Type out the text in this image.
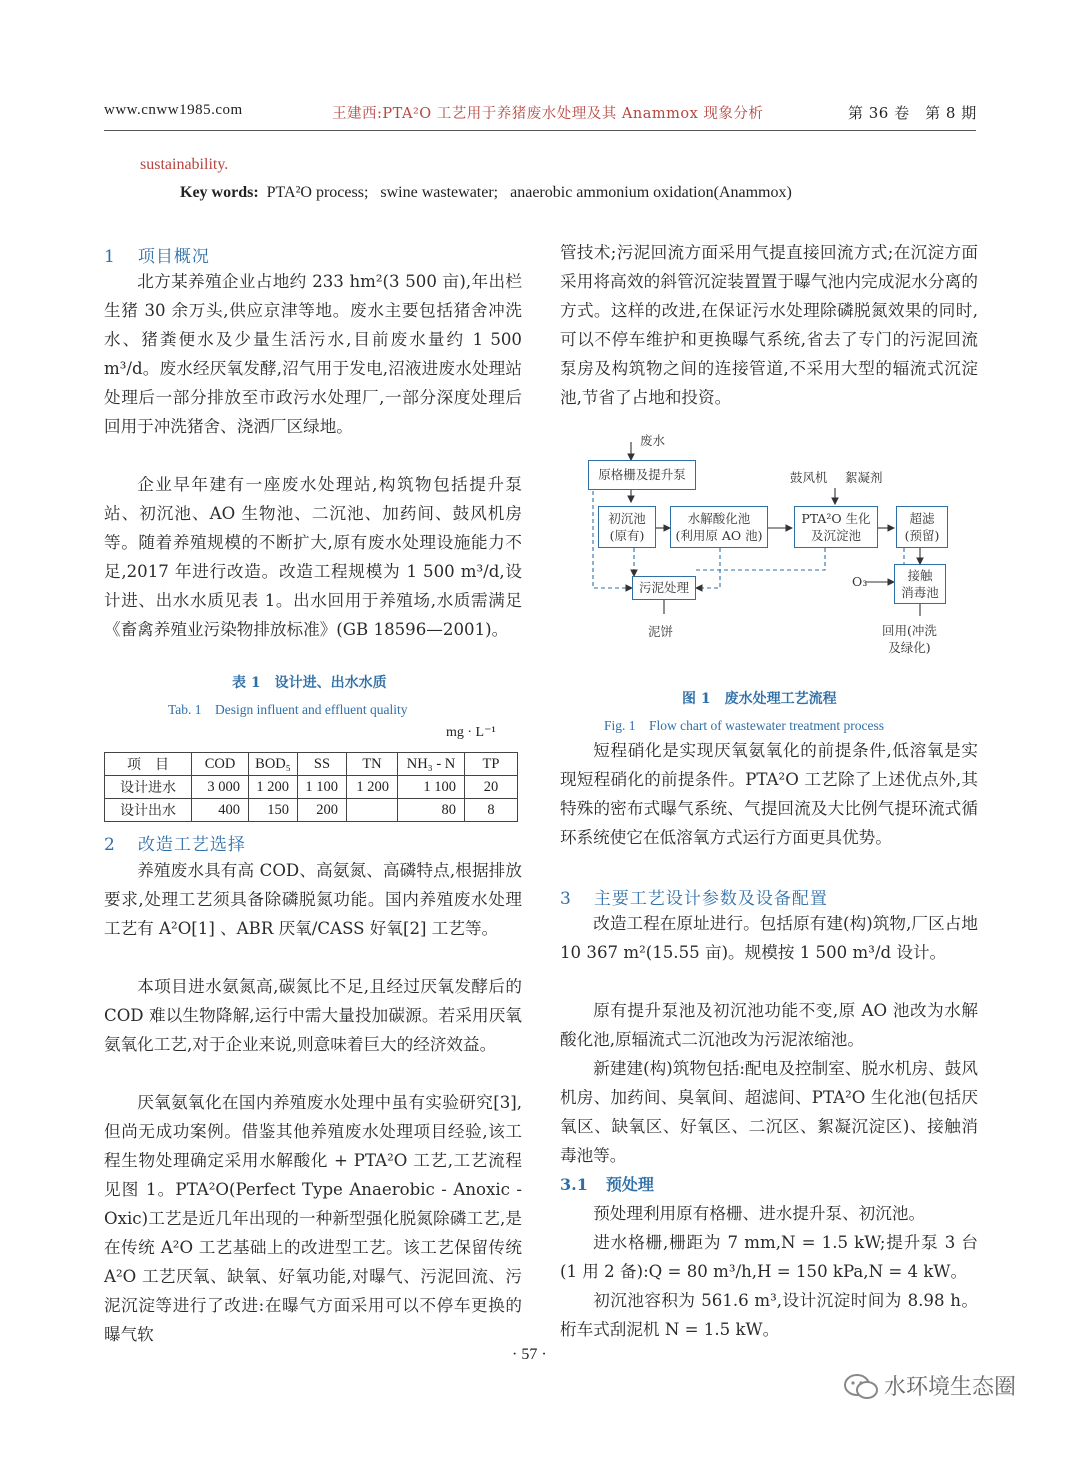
www.cnww1985.com	王建西:PTA²O 工艺用于养猪废水处理及其 Anammox 现象分析	第 36 卷　第 8 期
sustainability.
Key words:  PTA²O process;   swine wastewater;   anaerobic ammonium oxidation(Anammox)
1 项目概况
北方某养殖企业占地约 233 hm²(3 500 亩),年出栏生猪 30 余万头,供应京津等地。废水主要包括猪舍冲洗水、猪粪便水及少量生活污水,目前废水量约 1 500 m³/d。废水经厌氧发酵,沼气用于发电,沼液进废水处理站处理后一部分排放至市政污水处理厂,一部分深度处理后回用于冲洗猪舍、浇洒厂区绿地。
企业早年建有一座废水处理站,构筑物包括提升泵站、初沉池、AO 生物池、二沉池、加药间、鼓风机房等。随着养殖规模的不断扩大,原有废水处理设施能力不足,2017 年进行改造。改造工程规模为 1 500 m³/d,设计进、出水水质见表 1。出水回用于养殖场,水质需满足《畜禽养殖业污染物排放标准》(GB 18596—2001)。
表 1　设计进、出水水质
Tab. 1　Design influent and effluent quality
mg · L⁻¹
项　目	COD	BOD₅	SS	TN	NH₃ - N	TP
设计进水	3 000	1 200	1 100	1 200	1 100	20
设计出水	400	150	200		80	8
2 改造工艺选择
养殖废水具有高 COD、高氨氮、高磷特点,根据排放要求,处理工艺须具备除磷脱氮功能。国内养殖废水处理工艺有 A²O[1] 、ABR 厌氧/CASS 好氧[2] 工艺等。
本项目进水氨氮高,碳氮比不足,且经过厌氧发酵后的 COD 难以生物降解,运行中需大量投加碳源。若采用厌氧氨氧化工艺,对于企业来说,则意味着巨大的经济效益。
厌氧氨氧化在国内养殖废水处理中虽有实验研究[3],但尚无成功案例。借鉴其他养殖废水处理项目经验,该工程生物处理确定采用水解酸化 + PTA²O 工艺,工艺流程见图 1。PTA²O(Perfect Type Anaerobic - Anoxic - Oxic)工艺是近几年出现的一种新型强化脱氮除磷工艺,是在传统 A²O 工艺基础上的改进型工艺。该工艺保留传统 A²O 工艺厌氧、缺氧、好氧功能,对曝气、污泥回流、污泥沉淀等进行了改进:在曝气方面采用可以不停车更换的曝气软
管技术;污泥回流方面采用气提直接回流方式;在沉淀方面采用将高效的斜管沉淀装置置于曝气池内完成泥水分离的方式。这样的改进,在保证污水处理除磷脱氮效果的同时,可以不停车维护和更换曝气系统,省去了专门的污泥回流泵房及构筑物之间的连接管道,不采用大型的辐流式沉淀池,节省了占地和投资。
废水
原格栅及提升泵
初沉池
(原有)
水解酸化池
(利用原 AO 池)
鼓风机 絮凝剂
PTA²O 生化
及沉淀池
超滤
(预留)
污泥处理	O₃	接触
消毒池
泥饼	回用(冲洗
及绿化)
图 1　废水处理工艺流程
Fig. 1　Flow chart of wastewater treatment process
短程硝化是实现厌氧氨氧化的前提条件,低溶氧是实现短程硝化的前提条件。PTA²O 工艺除了上述优点外,其特殊的密布式曝气系统、气提回流及大比例气提环流式循环系统使它在低溶氧方式运行方面更具优势。
3 主要工艺设计参数及设备配置
改造工程在原址进行。包括原有建(构)筑物,厂区占地 10 367 m²(15.55 亩)。规模按 1 500 m³/d 设计。
原有提升泵池及初沉池功能不变,原 AO 池改为水解酸化池,原辐流式二沉池改为污泥浓缩池。
新建建(构)筑物包括:配电及控制室、脱水机房、鼓风机房、加药间、臭氧间、超滤间、PTA²O 生化池(包括厌氧区、缺氧区、好氧区、二沉区、絮凝沉淀区)、接触消毒池等。
3.1 预处理
预处理利用原有格栅、进水提升泵、初沉池。
进水格栅,栅距为 7 mm,N = 1.5 kW;提升泵 3 台(1 用 2 备):Q = 80 m³/h,H = 150 kPa,N = 4 kW。
初沉池容积为 561.6 m³,设计沉淀时间为 8.98 h。桁车式刮泥机 N = 1.5 kW。
· 57 ·
水环境生态圈
